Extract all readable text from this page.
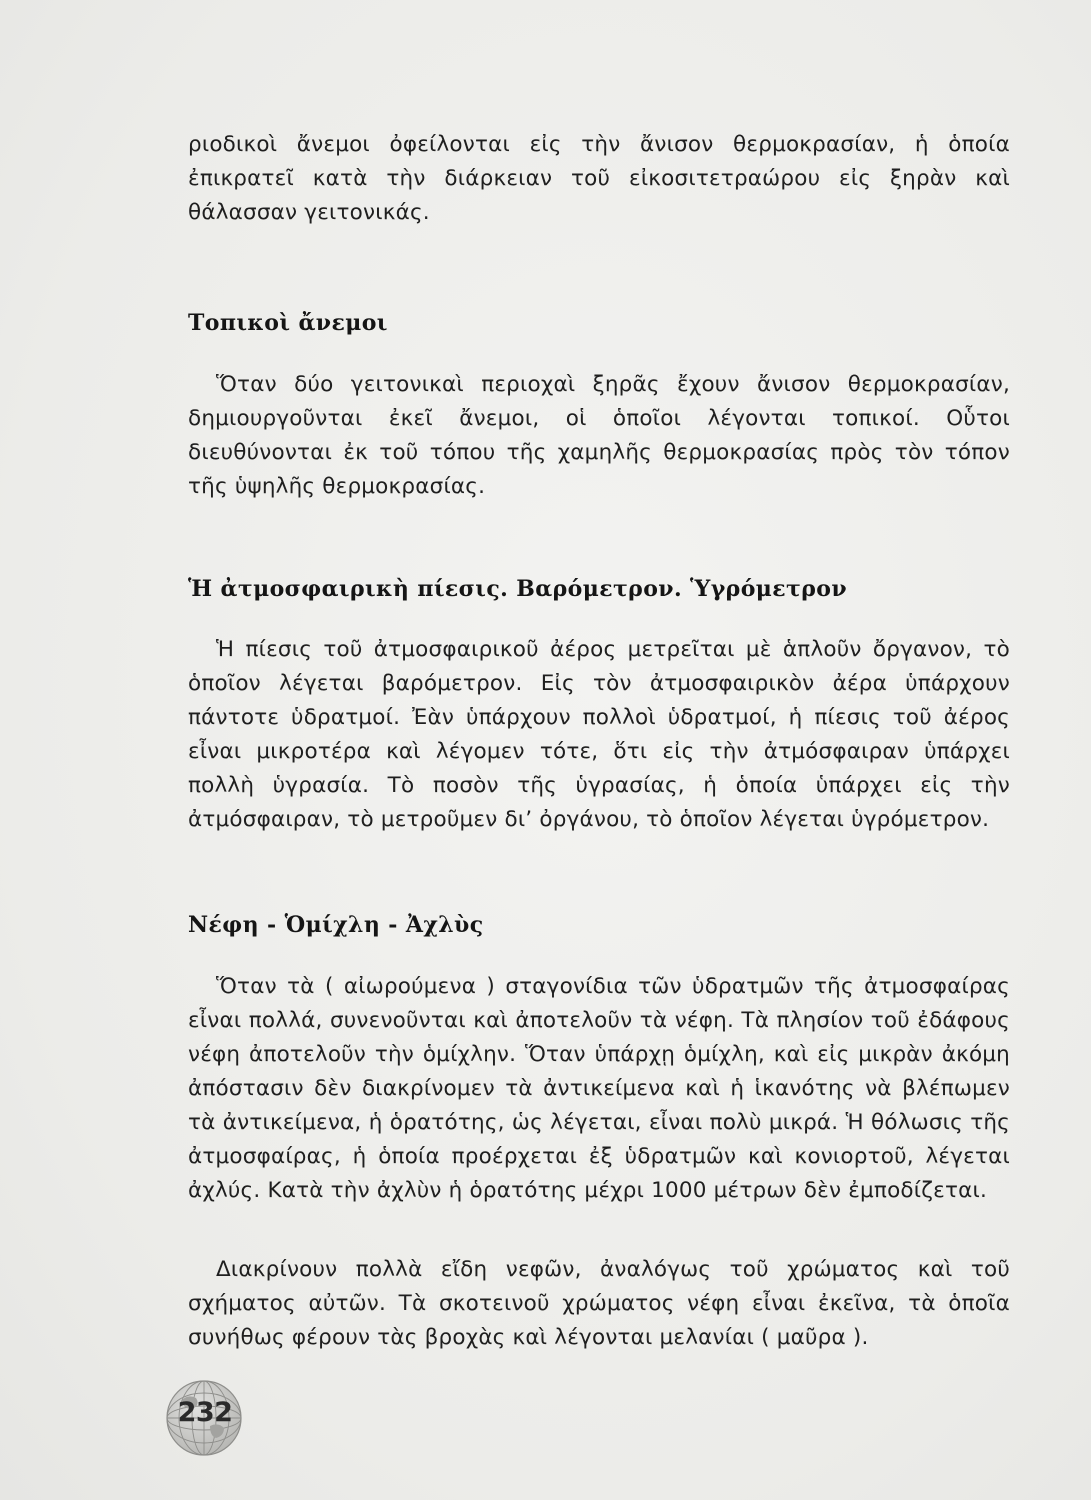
ριοδικοὶ ἄνεμοι ὀφείλονται εἰς τὴν ἄνισον θερμοκρασίαν, ἡ ὁποία ἐπικρατεῖ κατὰ τὴν διάρκειαν τοῦ εἰκοσιτετραώρου εἰς ξηρὰν καὶ θάλασσαν γειτονικάς.

Τοπικοὶ ἄνεμοι

Ὅταν δύο γειτονικαὶ περιοχαὶ ξηρᾶς ἔχουν ἄνισον θερμοκρασίαν, δημιουργοῦνται ἐκεῖ ἄνεμοι, οἱ ὁποῖοι λέγονται τοπικοί. Οὗτοι διευθύνονται ἐκ τοῦ τόπου τῆς χαμηλῆς θερμοκρασίας πρὸς τὸν τόπον τῆς ὑψηλῆς θερμοκρασίας.

Ἡ ἀτμοσφαιρικὴ πίεσις. Βαρόμετρον. Ὑγρόμετρον

Ἡ πίεσις τοῦ ἀτμοσφαιρικοῦ ἀέρος μετρεῖται μὲ ἁπλοῦν ὄργανον, τὸ ὁποῖον λέγεται βαρόμετρον. Εἰς τὸν ἀτμοσφαιρικὸν ἀέρα ὑπάρχουν πάντοτε ὑδρατμοί. Ἐὰν ὑπάρχουν πολλοὶ ὑδρατμοί, ἡ πίεσις τοῦ ἀέρος εἶναι μικροτέρα καὶ λέγομεν τότε, ὅτι εἰς τὴν ἀτμόσφαιραν ὑπάρχει πολλὴ ὑγρασία. Τὸ ποσὸν τῆς ὑγρασίας, ἡ ὁποία ὑπάρχει εἰς τὴν ἀτμόσφαιραν, τὸ μετροῦμεν δι’ ὀργάνου, τὸ ὁποῖον λέγεται ὑγρόμετρον.

Νέφη - Ὁμίχλη - Ἀχλὺς

Ὅταν τὰ ( αἰωρούμενα ) σταγονίδια τῶν ὑδρατμῶν τῆς ἀτμοσφαίρας εἶναι πολλά, συνενοῦνται καὶ ἀποτελοῦν τὰ νέφη. Τὰ πλησίον τοῦ ἐδάφους νέφη ἀποτελοῦν τὴν ὁμίχλην. Ὅταν ὑπάρχῃ ὁμίχλη, καὶ εἰς μικρὰν ἀκόμη ἀπόστασιν δὲν διακρίνομεν τὰ ἀντικείμενα καὶ ἡ ἱκανότης νὰ βλέπωμεν τὰ ἀντικείμενα, ἡ ὁρατότης, ὡς λέγεται, εἶναι πολὺ μικρά. Ἡ θόλωσις τῆς ἀτμοσφαίρας, ἡ ὁποία προέρχεται ἐξ ὑδρατμῶν καὶ κονιορτοῦ, λέγεται ἀχλύς. Κατὰ τὴν ἀχλὺν ἡ ὁρατότης μέχρι 1000 μέτρων δὲν ἐμποδίζεται.

Διακρίνουν πολλὰ εἴδη νεφῶν, ἀναλόγως τοῦ χρώματος καὶ τοῦ σχήματος αὐτῶν. Τὰ σκοτεινοῦ χρώματος νέφη εἶναι ἐκεῖνα, τὰ ὁποῖα συνήθως φέρουν τὰς βροχὰς καὶ λέγονται μελανίαι ( μαῦρα ).

232
